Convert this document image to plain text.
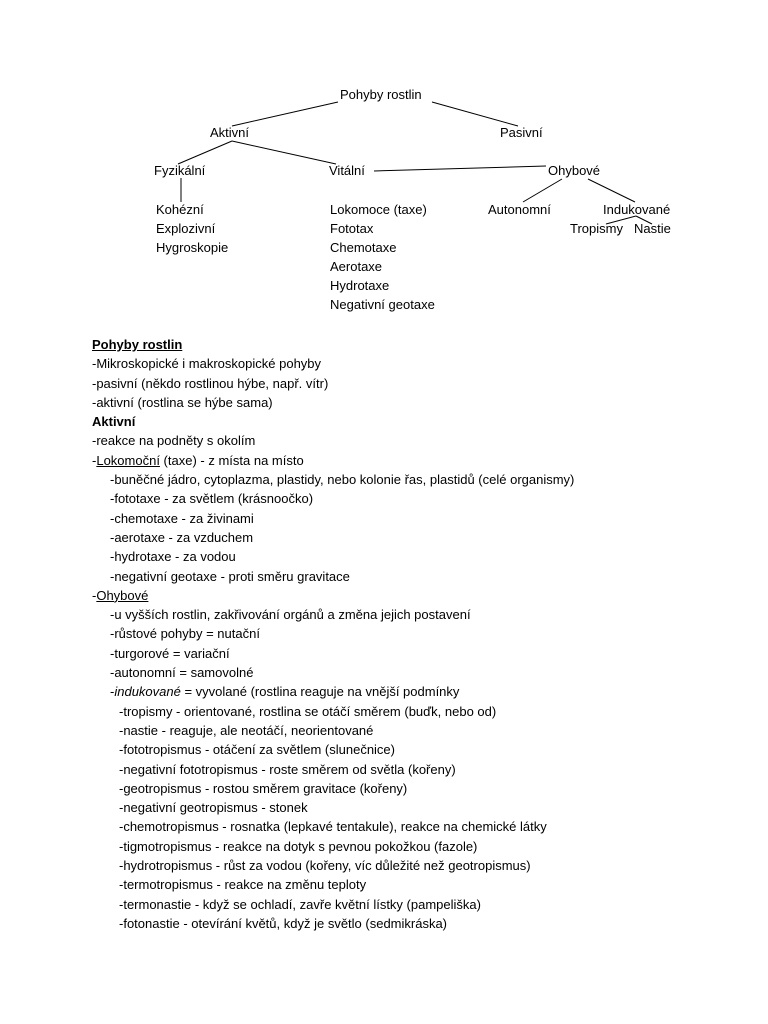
Pohyby rostlin
Aktivní	Pasivní
Fyzikální	Vitální	Ohybové
Kohézní
Explozivní
Hygroskopie
Lokomoce (taxe)
Fototax
Chemotaxe
Aerotaxe
Hydrotaxe
Negativní geotaxe
Autonomní	Indukované
Tropismy Nastie
Pohyby rostlin
-Mikroskopické i makroskopické pohyby
-pasivní (někdo rostlinou hýbe, např. vítr)
-aktivní (rostlina se hýbe sama)
Aktivní
-reakce na podněty s okolím
-Lokomoční (taxe) - z místa na místo
-buněčné jádro, cytoplazma, plastidy, nebo kolonie řas, plastidů (celé organismy)
-fototaxe - za světlem (krásnoočko)
-chemotaxe - za živinami
-aerotaxe - za vzduchem
-hydrotaxe - za vodou
-negativní geotaxe - proti směru gravitace
-Ohybové
-u vyšších rostlin, zakřivování orgánů a změna jejich postavení
-růstové pohyby = nutační
-turgorové = variační
-autonomní = samovolné
-indukované = vyvolané (rostlina reaguje na vnější podmínky
-tropismy - orientované, rostlina se otáčí směrem (buďk, nebo od)
-nastie - reaguje, ale neotáčí, neorientované
-fototropismus - otáčení za světlem (slunečnice)
-negativní fototropismus - roste směrem od světla (kořeny)
-geotropismus - rostou směrem gravitace (kořeny)
-negativní geotropismus - stonek
-chemotropismus - rosnatka (lepkavé tentakule), reakce na chemické látky
-tigmotropismus - reakce na dotyk s pevnou pokožkou (fazole)
-hydrotropismus - růst za vodou (kořeny, víc důležité než geotropismus)
-termotropismus - reakce na změnu teploty
-termonastie - když se ochladí, zavře květní lístky (pampeliška)
-fotonastie - otevírání květů, když je světlo (sedmikráska)
